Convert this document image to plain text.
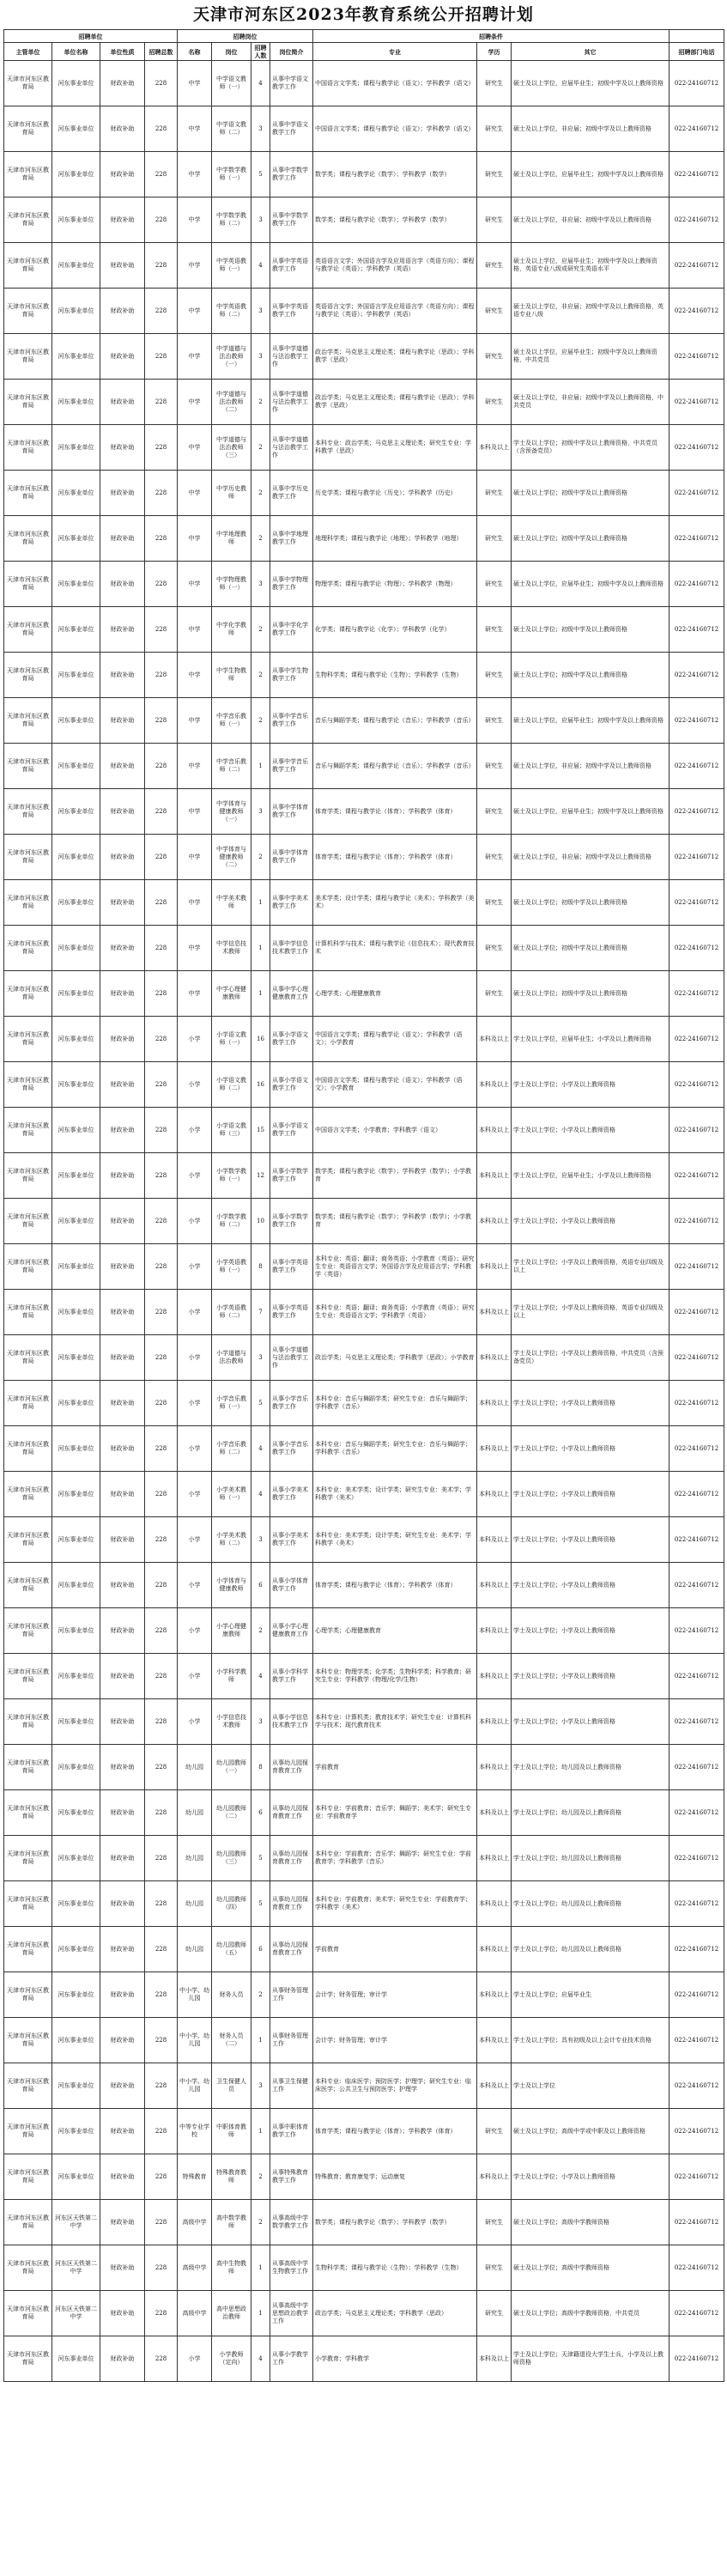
天津市河东区2023年教育系统公开招聘计划
招聘单位				招聘岗位				招聘条件			
主管单位	单位名称	单位性质	招聘总数	名称	岗位	招聘人数	岗位简介	专业	学历	其它	招聘部门电话
天津市河东区教育局	河东事业单位	财政补助	228	中学	中学语文教师（一）	4	从事中学语文教学工作	中国语言文学类；课程与教学论（语文）；学科教学（语文）	研究生	硕士及以上学位，应届毕业生；初级中学及以上教师资格	022-24160712
天津市河东区教育局	河东事业单位	财政补助	228	中学	中学语文教师（二）	3	从事中学语文教学工作	中国语言文学类；课程与教学论（语文）；学科教学（语文）	研究生	硕士及以上学位，非应届；初级中学及以上教师资格	022-24160712
天津市河东区教育局	河东事业单位	财政补助	228	中学	中学数学教师（一）	5	从事中学数学教学工作	数学类；课程与教学论（数学）；学科教学（数学）	研究生	硕士及以上学位，应届毕业生；初级中学及以上教师资格	022-24160712
天津市河东区教育局	河东事业单位	财政补助	228	中学	中学数学教师（二）	3	从事中学数学教学工作	数学类；课程与教学论（数学）；学科教学（数学）	研究生	硕士及以上学位，非应届；初级中学及以上教师资格	022-24160712
天津市河东区教育局	河东事业单位	财政补助	228	中学	中学英语教师（一）	4	从事中学英语教学工作	英语语言文学；外国语言学及应用语言学（英语方向）；课程与教学论（英语）；学科教学（英语）	研究生	硕士及以上学位，应届毕业生；初级中学及以上教师资格，英语专业八级或研究生英语水平	022-24160712
天津市河东区教育局	河东事业单位	财政补助	228	中学	中学英语教师（二）	3	从事中学英语教学工作	英语语言文学；外国语言学及应用语言学（英语方向）；课程与教学论（英语）；学科教学（英语）	研究生	硕士及以上学位，非应届；初级中学及以上教师资格，英语专业八级	022-24160712
天津市河东区教育局	河东事业单位	财政补助	228	中学	中学道德与法治教师（一）	3	从事中学道德与法治教学工作	政治学类；马克思主义理论类；课程与教学论（思政）；学科教学（思政）	研究生	硕士及以上学位，应届毕业生；初级中学及以上教师资格，中共党员	022-24160712
天津市河东区教育局	河东事业单位	财政补助	228	中学	中学道德与法治教师（二）	2	从事中学道德与法治教学工作	政治学类；马克思主义理论类；课程与教学论（思政）；学科教学（思政）	研究生	硕士及以上学位，非应届；初级中学及以上教师资格，中共党员	022-24160712
天津市河东区教育局	河东事业单位	财政补助	228	中学	中学道德与法治教师（三）	2	从事中学道德与法治教学工作	本科专业：政治学类；马克思主义理论类；研究生专业：学科教学（思政）	本科及以上	学士及以上学位；初级中学及以上教师资格，中共党员（含预备党员）	022-24160712
天津市河东区教育局	河东事业单位	财政补助	228	中学	中学历史教师	2	从事中学历史教学工作	历史学类；课程与教学论（历史）；学科教学（历史）	研究生	硕士及以上学位；初级中学及以上教师资格	022-24160712
天津市河东区教育局	河东事业单位	财政补助	228	中学	中学地理教师	2	从事中学地理教学工作	地理科学类；课程与教学论（地理）；学科教学（地理）	研究生	硕士及以上学位；初级中学及以上教师资格	022-24160712
天津市河东区教育局	河东事业单位	财政补助	228	中学	中学物理教师（一）	3	从事中学物理教学工作	物理学类；课程与教学论（物理）；学科教学（物理）	研究生	硕士及以上学位，应届毕业生；初级中学及以上教师资格	022-24160712
天津市河东区教育局	河东事业单位	财政补助	228	中学	中学化学教师	2	从事中学化学教学工作	化学类；课程与教学论（化学）；学科教学（化学）	研究生	硕士及以上学位；初级中学及以上教师资格	022-24160712
天津市河东区教育局	河东事业单位	财政补助	228	中学	中学生物教师	2	从事中学生物教学工作	生物科学类；课程与教学论（生物）；学科教学（生物）	研究生	硕士及以上学位；初级中学及以上教师资格	022-24160712
天津市河东区教育局	河东事业单位	财政补助	228	中学	中学音乐教师（一）	2	从事中学音乐教学工作	音乐与舞蹈学类；课程与教学论（音乐）；学科教学（音乐）	研究生	硕士及以上学位，应届毕业生；初级中学及以上教师资格	022-24160712
天津市河东区教育局	河东事业单位	财政补助	228	中学	中学音乐教师（二）	1	从事中学音乐教学工作	音乐与舞蹈学类；课程与教学论（音乐）；学科教学（音乐）	研究生	硕士及以上学位，非应届；初级中学及以上教师资格	022-24160712
天津市河东区教育局	河东事业单位	财政补助	228	中学	中学体育与健康教师（一）	3	从事中学体育教学工作	体育学类；课程与教学论（体育）；学科教学（体育）	研究生	硕士及以上学位，应届毕业生；初级中学及以上教师资格	022-24160712
天津市河东区教育局	河东事业单位	财政补助	228	中学	中学体育与健康教师（二）	2	从事中学体育教学工作	体育学类；课程与教学论（体育）；学科教学（体育）	研究生	硕士及以上学位，非应届；初级中学及以上教师资格	022-24160712
天津市河东区教育局	河东事业单位	财政补助	228	中学	中学美术教师	1	从事中学美术教学工作	美术学类；设计学类；课程与教学论（美术）；学科教学（美术）	研究生	硕士及以上学位；初级中学及以上教师资格	022-24160712
天津市河东区教育局	河东事业单位	财政补助	228	中学	中学信息技术教师	1	从事中学信息技术教学工作	计算机科学与技术；课程与教学论（信息技术）；现代教育技术	研究生	硕士及以上学位；初级中学及以上教师资格	022-24160712
天津市河东区教育局	河东事业单位	财政补助	228	中学	中学心理健康教师	1	从事中学心理健康教育工作	心理学类；心理健康教育	研究生	硕士及以上学位；初级中学及以上教师资格	022-24160712
天津市河东区教育局	河东事业单位	财政补助	228	小学	小学语文教师（一）	16	从事小学语文教学工作	中国语言文学类；课程与教学论（语文）；学科教学（语文）；小学教育	本科及以上	学士及以上学位，应届毕业生；小学及以上教师资格	022-24160712
天津市河东区教育局	河东事业单位	财政补助	228	小学	小学语文教师（二）	16	从事小学语文教学工作	中国语言文学类；课程与教学论（语文）；学科教学（语文）；小学教育	本科及以上	学士及以上学位；小学及以上教师资格	022-24160712
天津市河东区教育局	河东事业单位	财政补助	228	小学	小学语文教师（三）	15	从事小学语文教学工作	中国语言文学类；小学教育；学科教学（语文）	本科及以上	学士及以上学位；小学及以上教师资格	022-24160712
天津市河东区教育局	河东事业单位	财政补助	228	小学	小学数学教师（一）	12	从事小学数学教学工作	数学类；课程与教学论（数学）；学科教学（数学）；小学教育	本科及以上	学士及以上学位，应届毕业生；小学及以上教师资格	022-24160712
天津市河东区教育局	河东事业单位	财政补助	228	小学	小学数学教师（二）	10	从事小学数学教学工作	数学类；课程与教学论（数学）；学科教学（数学）；小学教育	本科及以上	学士及以上学位；小学及以上教师资格	022-24160712
天津市河东区教育局	河东事业单位	财政补助	228	小学	小学英语教师（一）	8	从事小学英语教学工作	本科专业：英语；翻译；商务英语；小学教育（英语）；研究生专业：英语语言文学；外国语言学及应用语言学；学科教学（英语）	本科及以上	学士及以上学位；小学及以上教师资格，英语专业四级及以上	022-24160712
天津市河东区教育局	河东事业单位	财政补助	228	小学	小学英语教师（二）	7	从事小学英语教学工作	本科专业：英语；翻译；商务英语；小学教育（英语）；研究生专业：英语语言文学；学科教学（英语）	本科及以上	学士及以上学位；小学及以上教师资格，英语专业四级及以上	022-24160712
天津市河东区教育局	河东事业单位	财政补助	228	小学	小学道德与法治教师	3	从事小学道德与法治教学工作	政治学类；马克思主义理论类；学科教学（思政）；小学教育	本科及以上	学士及以上学位；小学及以上教师资格，中共党员（含预备党员）	022-24160712
天津市河东区教育局	河东事业单位	财政补助	228	小学	小学音乐教师（一）	5	从事小学音乐教学工作	本科专业：音乐与舞蹈学类；研究生专业：音乐与舞蹈学；学科教学（音乐）	本科及以上	学士及以上学位；小学及以上教师资格	022-24160712
天津市河东区教育局	河东事业单位	财政补助	228	小学	小学音乐教师（二）	4	从事小学音乐教学工作	本科专业：音乐与舞蹈学类；研究生专业：音乐与舞蹈学；学科教学（音乐）	本科及以上	学士及以上学位；小学及以上教师资格	022-24160712
天津市河东区教育局	河东事业单位	财政补助	228	小学	小学美术教师（一）	4	从事小学美术教学工作	本科专业：美术学类；设计学类；研究生专业：美术学；学科教学（美术）	本科及以上	学士及以上学位；小学及以上教师资格	022-24160712
天津市河东区教育局	河东事业单位	财政补助	228	小学	小学美术教师（二）	3	从事小学美术教学工作	本科专业：美术学类；设计学类；研究生专业：美术学；学科教学（美术）	本科及以上	学士及以上学位；小学及以上教师资格	022-24160712
天津市河东区教育局	河东事业单位	财政补助	228	小学	小学体育与健康教师	6	从事小学体育教学工作	体育学类；课程与教学论（体育）；学科教学（体育）	本科及以上	学士及以上学位；小学及以上教师资格	022-24160712
天津市河东区教育局	河东事业单位	财政补助	228	小学	小学心理健康教师	2	从事小学心理健康教育工作	心理学类；心理健康教育	本科及以上	学士及以上学位；小学及以上教师资格	022-24160712
天津市河东区教育局	河东事业单位	财政补助	228	小学	小学科学教师	4	从事小学科学教学工作	本科专业：物理学类；化学类；生物科学类；科学教育；研究生专业：学科教学（物理/化学/生物）	本科及以上	学士及以上学位；小学及以上教师资格	022-24160712
天津市河东区教育局	河东事业单位	财政补助	228	小学	小学信息技术教师	3	从事小学信息技术教学工作	本科专业：计算机类；教育技术学；研究生专业：计算机科学与技术；现代教育技术	本科及以上	学士及以上学位；小学及以上教师资格	022-24160712
天津市河东区教育局	河东事业单位	财政补助	228	幼儿园	幼儿园教师（一）	8	从事幼儿园保育教育工作	学前教育	本科及以上	学士及以上学位；幼儿园及以上教师资格	022-24160712
天津市河东区教育局	河东事业单位	财政补助	228	幼儿园	幼儿园教师（二）	6	从事幼儿园保育教育工作	本科专业：学前教育；音乐学；舞蹈学；美术学；研究生专业：学前教育学	本科及以上	学士及以上学位；幼儿园及以上教师资格	022-24160712
天津市河东区教育局	河东事业单位	财政补助	228	幼儿园	幼儿园教师（三）	5	从事幼儿园保育教育工作	本科专业：学前教育；音乐学；舞蹈学；研究生专业：学前教育学；学科教学（音乐）	本科及以上	学士及以上学位；幼儿园及以上教师资格	022-24160712
天津市河东区教育局	河东事业单位	财政补助	228	幼儿园	幼儿园教师（四）	5	从事幼儿园保育教育工作	本科专业：学前教育；美术学；研究生专业：学前教育学；学科教学（美术）	本科及以上	学士及以上学位；幼儿园及以上教师资格	022-24160712
天津市河东区教育局	河东事业单位	财政补助	228	幼儿园	幼儿园教师（五）	6	从事幼儿园保育教育工作	学前教育	本科及以上	学士及以上学位；幼儿园及以上教师资格	022-24160712
天津市河东区教育局	河东事业单位	财政补助	228	中小学、幼儿园	财务人员	2	从事财务管理工作	会计学；财务管理；审计学	本科及以上	学士及以上学位；应届毕业生	022-24160712
天津市河东区教育局	河东事业单位	财政补助	228	中小学、幼儿园	财务人员（二）	1	从事财务管理工作	会计学；财务管理；审计学	本科及以上	学士及以上学位；具有初级及以上会计专业技术资格	022-24160712
天津市河东区教育局	河东事业单位	财政补助	228	中小学、幼儿园	卫生保健人员	3	从事卫生保健工作	本科专业：临床医学；预防医学；护理学；研究生专业：临床医学；公共卫生与预防医学；护理学	本科及以上	学士及以上学位	022-24160712
天津市河东区教育局	河东事业单位	财政补助	228	中等专业学校	中职体育教师	1	从事中职体育教学工作	体育学类；课程与教学论（体育）；学科教学（体育）	研究生	硕士及以上学位；高级中学或中职及以上教师资格	022-24160712
天津市河东区教育局	河东事业单位	财政补助	228	特殊教育	特殊教育教师	2	从事特殊教育教学工作	特殊教育；教育康复学；运动康复	本科及以上	学士及以上学位；小学及以上教师资格	022-24160712
天津市河东区教育局	河东区天铁第二中学	财政补助	228	高级中学	高中数学教师	2	从事高级中学数学教学工作	数学类；课程与教学论（数学）；学科教学（数学）	研究生	硕士及以上学位；高级中学教师资格	022-24160712
天津市河东区教育局	河东区天铁第二中学	财政补助	228	高级中学	高中生物教师	1	从事高级中学生物教学工作	生物科学类；课程与教学论（生物）；学科教学（生物）	研究生	硕士及以上学位；高级中学教师资格	022-24160712
天津市河东区教育局	河东区天铁第二中学	财政补助	228	高级中学	高中思想政治教师	1	从事高级中学思想政治教学工作	政治学类；马克思主义理论类；学科教学（思政）	研究生	硕士及以上学位；高级中学教师资格，中共党员	022-24160712
天津市河东区教育局	河东事业单位	财政补助	228	小学	小学教师（定向）	4	从事小学教学工作	小学教育；学科教学	本科及以上	学士及以上学位；天津籍退役大学生士兵，小学及以上教师资格	022-24160712
